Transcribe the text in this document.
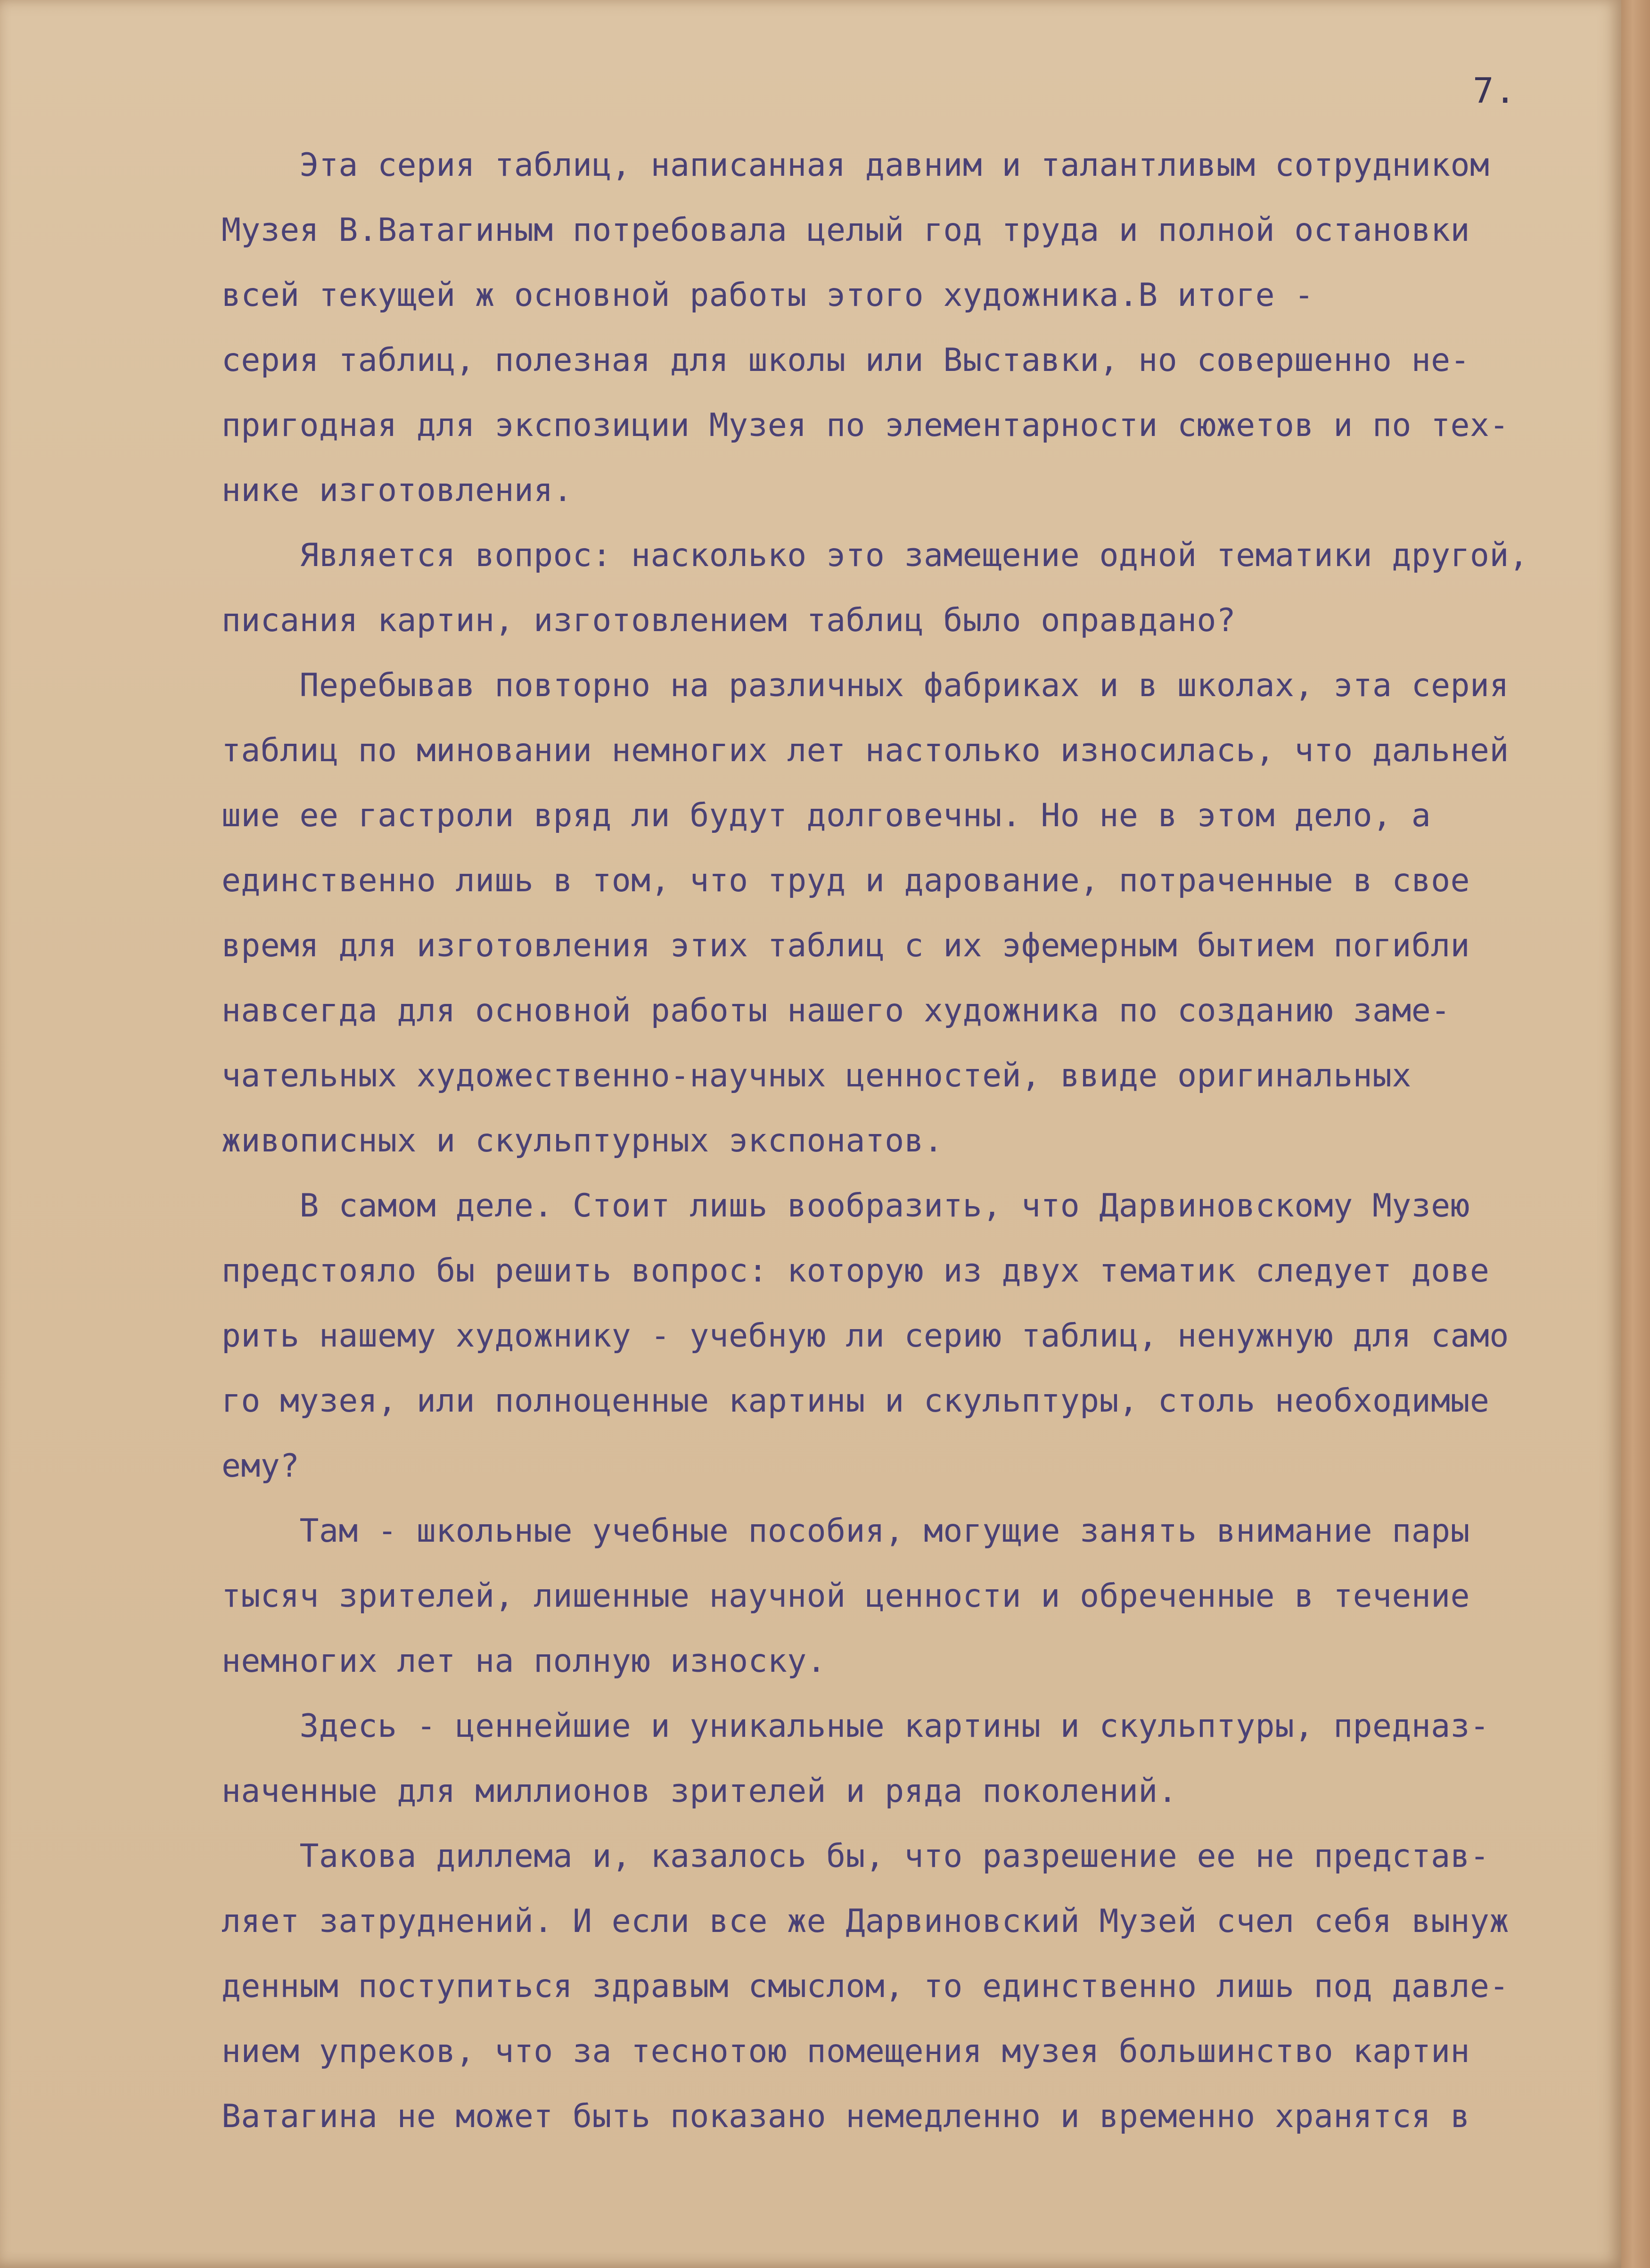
7.

Эта серия таблиц, написанная давним и талантливым сотрудником

Музея В.Ватагиным потребовала целый год труда и полной остановки

всей текущей ж основной работы этого художника.В итоге -

серия таблиц, полезная для школы или Выставки, но совершенно не-

пригодная для экспозиции Музея по элементарности сюжетов и по тех-

нике изготовления.

Является вопрос: насколько это замещение одной тематики другой,

писания картин, изготовлением таблиц было оправдано?

Перебывав повторно на различных фабриках и в школах, эта серия

таблиц по миновании немногих лет настолько износилась, что дальней

шие ее гастроли вряд ли будут долговечны. Но не в этом дело, а

единственно лишь в том, что труд и дарование, потраченные в свое

время для изготовления этих таблиц с их эфемерным бытием погибли

навсегда для основной работы нашего художника по созданию заме-

чательных художественно-научных ценностей, ввиде оригинальных

живописных и скульптурных экспонатов.

В самом деле. Стоит лишь вообразить, что Дарвиновскому Музею

предстояло бы решить вопрос: которую из двух тематик следует дове

рить нашему художнику - учебную ли серию таблиц, ненужную для само

го музея, или полноценные картины и скульптуры, столь необходимые

ему?

Там - школьные учебные пособия, могущие занять внимание пары

тысяч зрителей, лишенные научной ценности и обреченные в течение

немногих лет на полную износку.

Здесь - ценнейшие и уникальные картины и скульптуры, предназ-

наченные для миллионов зрителей и ряда поколений.

Такова диллема и, казалось бы, что разрешение ее не представ-

ляет затруднений. И если все же Дарвиновский Музей счел себя вынуж

денным поступиться здравым смыслом, то единственно лишь под давле-

нием упреков, что за теснотою помещения музея большинство картин

Ватагина не может быть показано немедленно и временно хранятся в
